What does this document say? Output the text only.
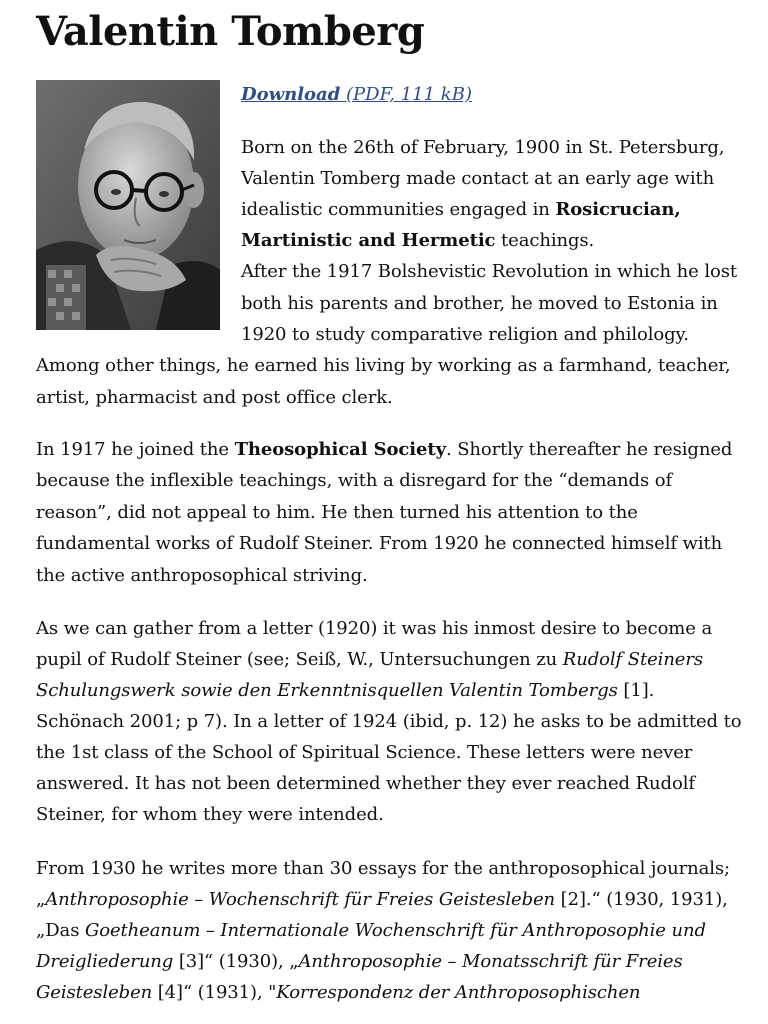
Valentin Tomberg
Download (PDF, 111 kB)
Born on the 26th of February, 1900 in St. Petersburg,
Valentin Tomberg made contact at an early age with
idealistic communities engaged in Rosicrucian,
Martinistic and Hermetic teachings.
After the 1917 Bolshevistic Revolution in which he lost
both his parents and brother, he moved to Estonia in
1920 to study comparative religion and philology.
Among other things, he earned his living by working as a farmhand, teacher,
artist, pharmacist and post office clerk.
In 1917 he joined the Theosophical Society. Shortly thereafter he resigned
because the inflexible teachings, with a disregard for the “demands of
reason”, did not appeal to him. He then turned his attention to the
fundamental works of Rudolf Steiner. From 1920 he connected himself with
the active anthroposophical striving.
As we can gather from a letter (1920) it was his inmost desire to become a
pupil of Rudolf Steiner (see; Seiß, W., Untersuchungen zu Rudolf Steiners
Schulungswerk sowie den Erkenntnisquellen Valentin Tombergs [1].
Schönach 2001; p 7). In a letter of 1924 (ibid, p. 12) he asks to be admitted to
the 1st class of the School of Spiritual Science. These letters were never
answered. It has not been determined whether they ever reached Rudolf
Steiner, for whom they were intended.
From 1930 he writes more than 30 essays for the anthroposophical journals;
„Anthroposophie – Wochenschrift für Freies Geistesleben [2].“ (1930, 1931),
„Das Goetheanum – Internationale Wochenschrift für Anthroposophie und
Dreigliederung [3]“ (1930), „Anthroposophie – Monatsschrift für Freies
Geistesleben [4]“ (1931), "Korrespondenz der Anthroposophischen
